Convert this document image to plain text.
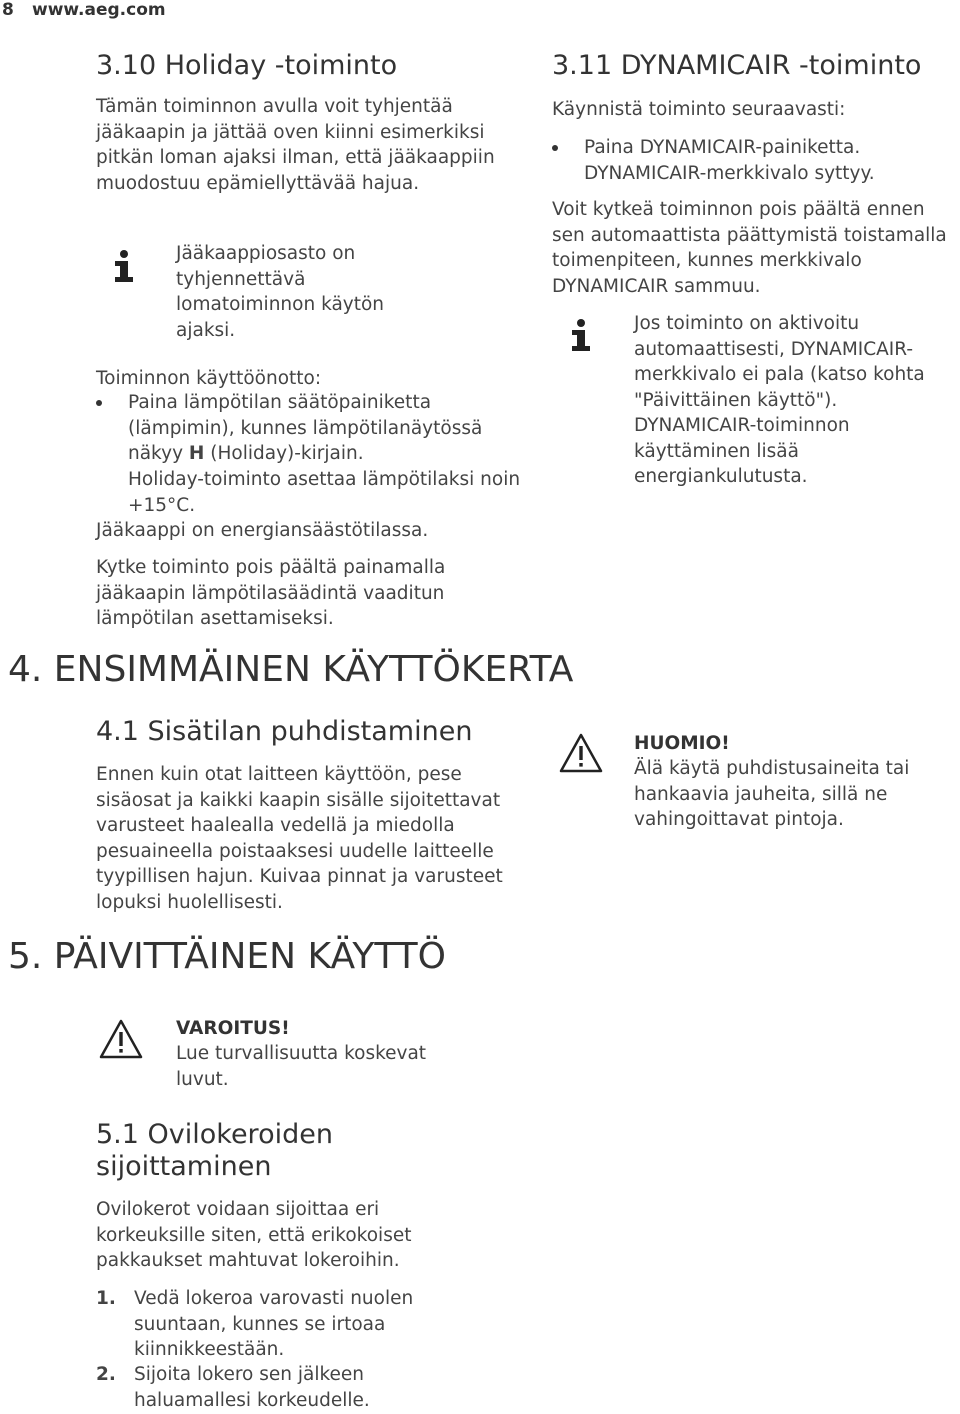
8 www.aeg.com
3.10 Holiday -toiminto
Tämän toiminnon avulla voit tyhjentää jääkaapin ja jättää oven kiinni esimerkiksi pitkän loman ajaksi ilman, että jääkaappiin muodostuu epämiellyttävää hajua.
Jääkaappiosasto on tyhjennettävä lomatoiminnon käytön ajaksi.
Toiminnon käyttöönotto:
Paina lämpötilan säätöpainiketta (lämpimin), kunnes lämpötilanäytössä näkyy H (Holiday)-kirjain.
Holiday-toiminto asettaa lämpötilaksi noin +15°C.
Jääkaappi on energiansäästötilassa.
Kytke toiminto pois päältä painamalla jääkaapin lämpötilasäädintä vaaditun lämpötilan asettamiseksi.
3.11 DYNAMICAIR -toiminto
Käynnistä toiminto seuraavasti:
Paina DYNAMICAIR-painiketta.
DYNAMICAIR-merkkivalo syttyy.
Voit kytkeä toiminnon pois päältä ennen sen automaattista päättymistä toistamalla toimenpiteen, kunnes merkkivalo DYNAMICAIR sammuu.
Jos toiminto on aktivoitu automaattisesti, DYNAMICAIR-merkkivalo ei pala (katso kohta "Päivittäinen käyttö"). DYNAMICAIR-toiminnon käyttäminen lisää energiankulutusta.
4. ENSIMMÄINEN KÄYTTÖKERTA
4.1 Sisätilan puhdistaminen
Ennen kuin otat laitteen käyttöön, pese sisäosat ja kaikki kaapin sisälle sijoitettavat varusteet haalealla vedellä ja miedolla pesuaineella poistaaksesi uudelle laitteelle tyypillisen hajun. Kuivaa pinnat ja varusteet lopuksi huolellisesti.
HUOMIO!
Älä käytä puhdistusaineita tai hankaavia jauheita, sillä ne vahingoittavat pintoja.
5. PÄIVITTÄINEN KÄYTTÖ
VAROITUS!
Lue turvallisuutta koskevat luvut.
5.1 Ovilokeroiden sijoittaminen
Ovilokerot voidaan sijoittaa eri korkeuksille siten, että erikokoiset pakkaukset mahtuvat lokeroihin.
1. Vedä lokeroa varovasti nuolen suuntaan, kunnes se irtoaa kiinnikkeestään.
2. Sijoita lokero sen jälkeen haluamallesi korkeudelle.
